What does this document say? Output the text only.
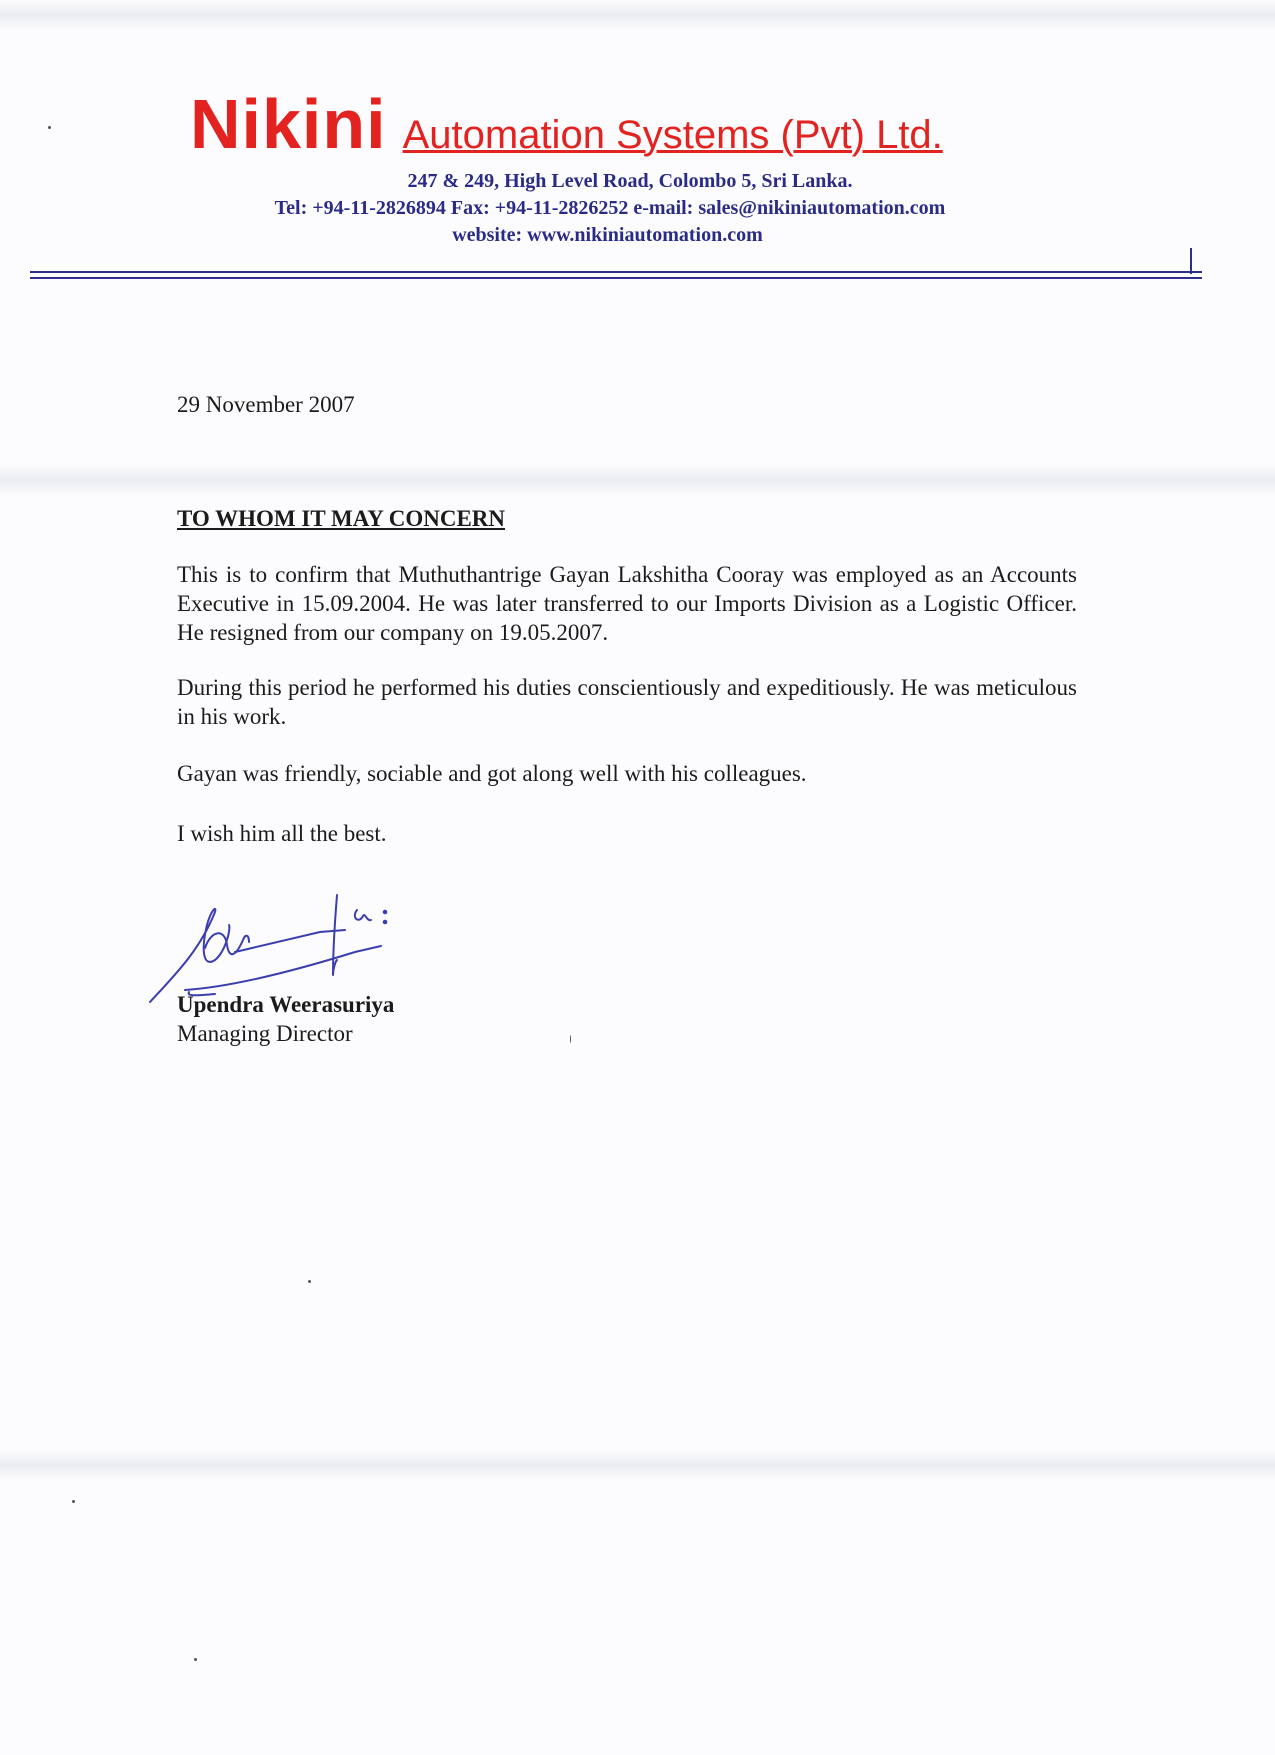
Nikini Automation Systems (Pvt) Ltd.
247 & 249, High Level Road, Colombo 5, Sri Lanka.
Tel: +94-11-2826894 Fax: +94-11-2826252 e-mail: sales@nikiniautomation.com
website: www.nikiniautomation.com
29 November 2007
TO WHOM IT MAY CONCERN
This is to confirm that Muthuthantrige Gayan Lakshitha Cooray was employed as an Accounts Executive in 15.09.2004. He was later transferred to our Imports Division as a Logistic Officer. He resigned from our company on 19.05.2007.
During this period he performed his duties conscientiously and expeditiously. He was meticulous in his work.
Gayan was friendly, sociable and got along well with his colleagues.
I wish him all the best.
Upendra Weerasuriya
Managing Director
